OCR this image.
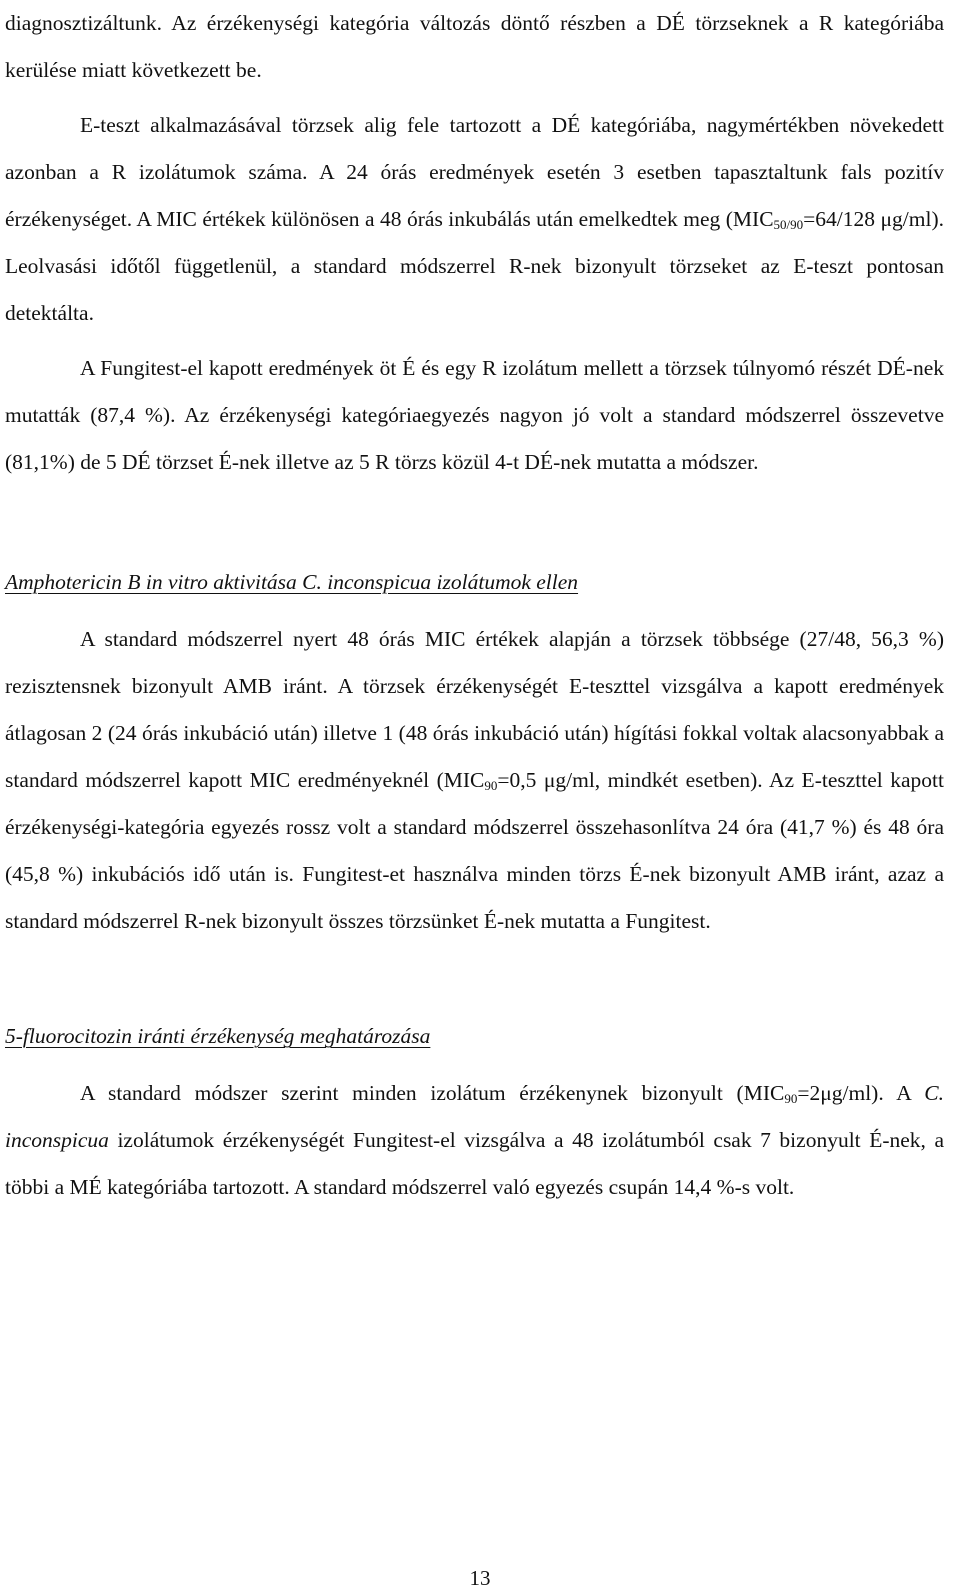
diagnosztizáltunk. Az érzékenységi kategória változás döntő részben a DÉ törzseknek a R kategóriába kerülése miatt következett be.

E-teszt alkalmazásával törzsek alig fele tartozott a DÉ kategóriába, nagymértékben növekedett azonban a R izolátumok száma. A 24 órás eredmények esetén 3 esetben tapasztaltunk fals pozitív érzékenységet. A MIC értékek különösen a 48 órás inkubálás után emelkedtek meg ($MIC_{50/90}=64/128$ μg/ml). Leolvasási időtől függetlenül, a standard módszerrel R-nek bizonyult törzseket az E-teszt pontosan detektálta.

A Fungitest-el kapott eredmények öt É és egy R izolátum mellett a törzsek túlnyomó részét DÉ-nek mutatták (87,4 %). Az érzékenységi kategóriaegyezés nagyon jó volt a standard módszerrel összevetve (81,1%) de 5 DÉ törzset É-nek illetve az 5 R törzs közül 4-t DÉ-nek mutatta a módszer.

Amphotericin B in vitro aktivitása C. inconspicua izolátumok ellen

A standard módszerrel nyert 48 órás MIC értékek alapján a törzsek többsége (27/48, 56,3 %) rezisztensnek bizonyult AMB iránt. A törzsek érzékenységét E-teszttel vizsgálva a kapott eredmények átlagosan 2 (24 órás inkubáció után) illetve 1 (48 órás inkubáció után) hígítási fokkal voltak alacsonyabbak a standard módszerrel kapott MIC eredményeknél ($MIC_{90}=0,5$ μg/ml, mindkét esetben). Az E-teszttel kapott érzékenységi-kategória egyezés rossz volt a standard módszerrel összehasonlítva 24 óra (41,7 %) és 48 óra (45,8 %) inkubációs idő után is. Fungitest-et használva minden törzs É-nek bizonyult AMB iránt, azaz a standard módszerrel R-nek bizonyult összes törzsünket É-nek mutatta a Fungitest.

5-fluorocitozin iránti érzékenység meghatározása

A standard módszer szerint minden izolátum érzékenynek bizonyult $(MIC_{90}=2\mu g/ml)$. A C. inconspicua izolátumok érzékenységét Fungitest-el vizsgálva a 48 izolátumból csak 7 bizonyult É-nek, a többi a MÉ kategóriába tartozott. A standard módszerrel való egyezés csupán 14,4 %-s volt.

13
